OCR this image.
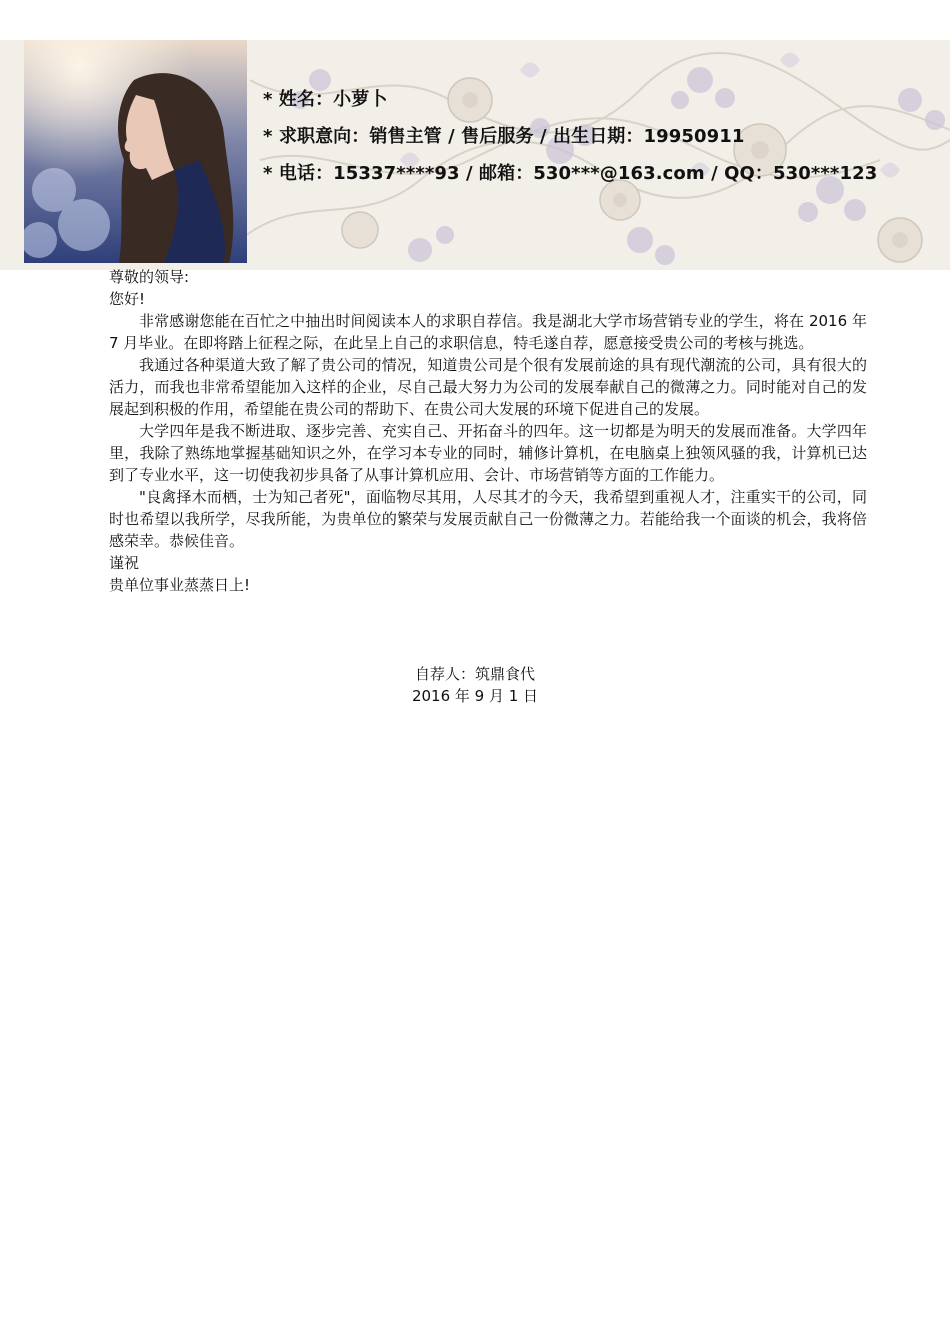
* 姓名：小萝卜
* 求职意向：销售主管 / 售后服务 / 出生日期：19950911
* 电话：15337****93 / 邮箱：530***@163.com / QQ：530***123

尊敬的领导:

您好!

非常感谢您能在百忙之中抽出时间阅读本人的求职自荐信。我是湖北大学市场营销专业的学生，将在 2016 年 7 月毕业。在即将踏上征程之际，在此呈上自己的求职信息，特毛遂自荐，愿意接受贵公司的考核与挑选。

我通过各种渠道大致了解了贵公司的情况，知道贵公司是个很有发展前途的具有现代潮流的公司，具有很大的活力，而我也非常希望能加入这样的企业，尽自己最大努力为公司的发展奉献自己的微薄之力。同时能对自己的发展起到积极的作用，希望能在贵公司的帮助下、在贵公司大发展的环境下促进自己的发展。

大学四年是我不断进取、逐步完善、充实自己、开拓奋斗的四年。这一切都是为明天的发展而准备。大学四年里，我除了熟练地掌握基础知识之外，在学习本专业的同时，辅修计算机，在电脑桌上独领风骚的我，计算机已达到了专业水平，这一切使我初步具备了从事计算机应用、会计、市场营销等方面的工作能力。

"良禽择木而栖，士为知己者死"，面临物尽其用，人尽其才的今天，我希望到重视人才，注重实干的公司，同时也希望以我所学，尽我所能，为贵单位的繁荣与发展贡献自己一份微薄之力。若能给我一个面谈的机会，我将倍感荣幸。恭候佳音。

谨祝

贵单位事业蒸蒸日上!

自荐人：筑鼎食代
2016 年 9 月 1 日
